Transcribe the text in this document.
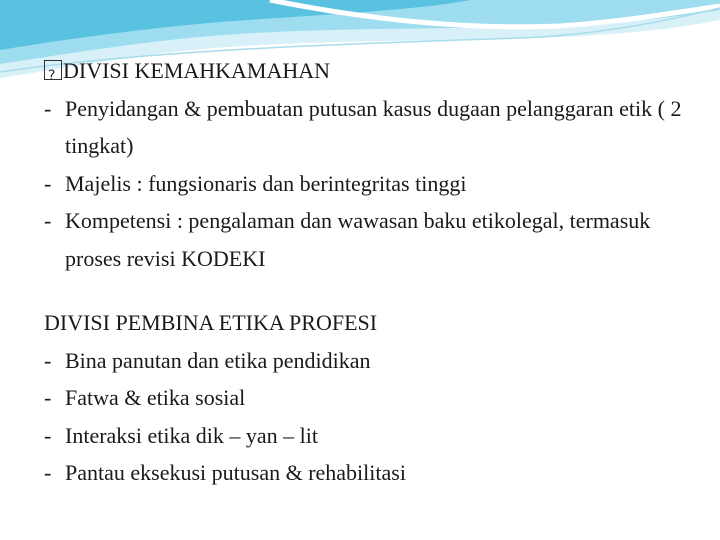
?DIVISI KEMAHKAMAHAN
- Penyidangan & pembuatan putusan kasus dugaan pelanggaran etik ( 2 tingkat)
- Majelis : fungsionaris dan berintegritas tinggi
- Kompetensi : pengalaman dan wawasan baku etikolegal, termasuk proses revisi KODEKI
DIVISI PEMBINA ETIKA PROFESI
- Bina panutan dan etika pendidikan
- Fatwa & etika sosial
- Interaksi etika dik – yan – lit
- Pantau eksekusi putusan & rehabilitasi
